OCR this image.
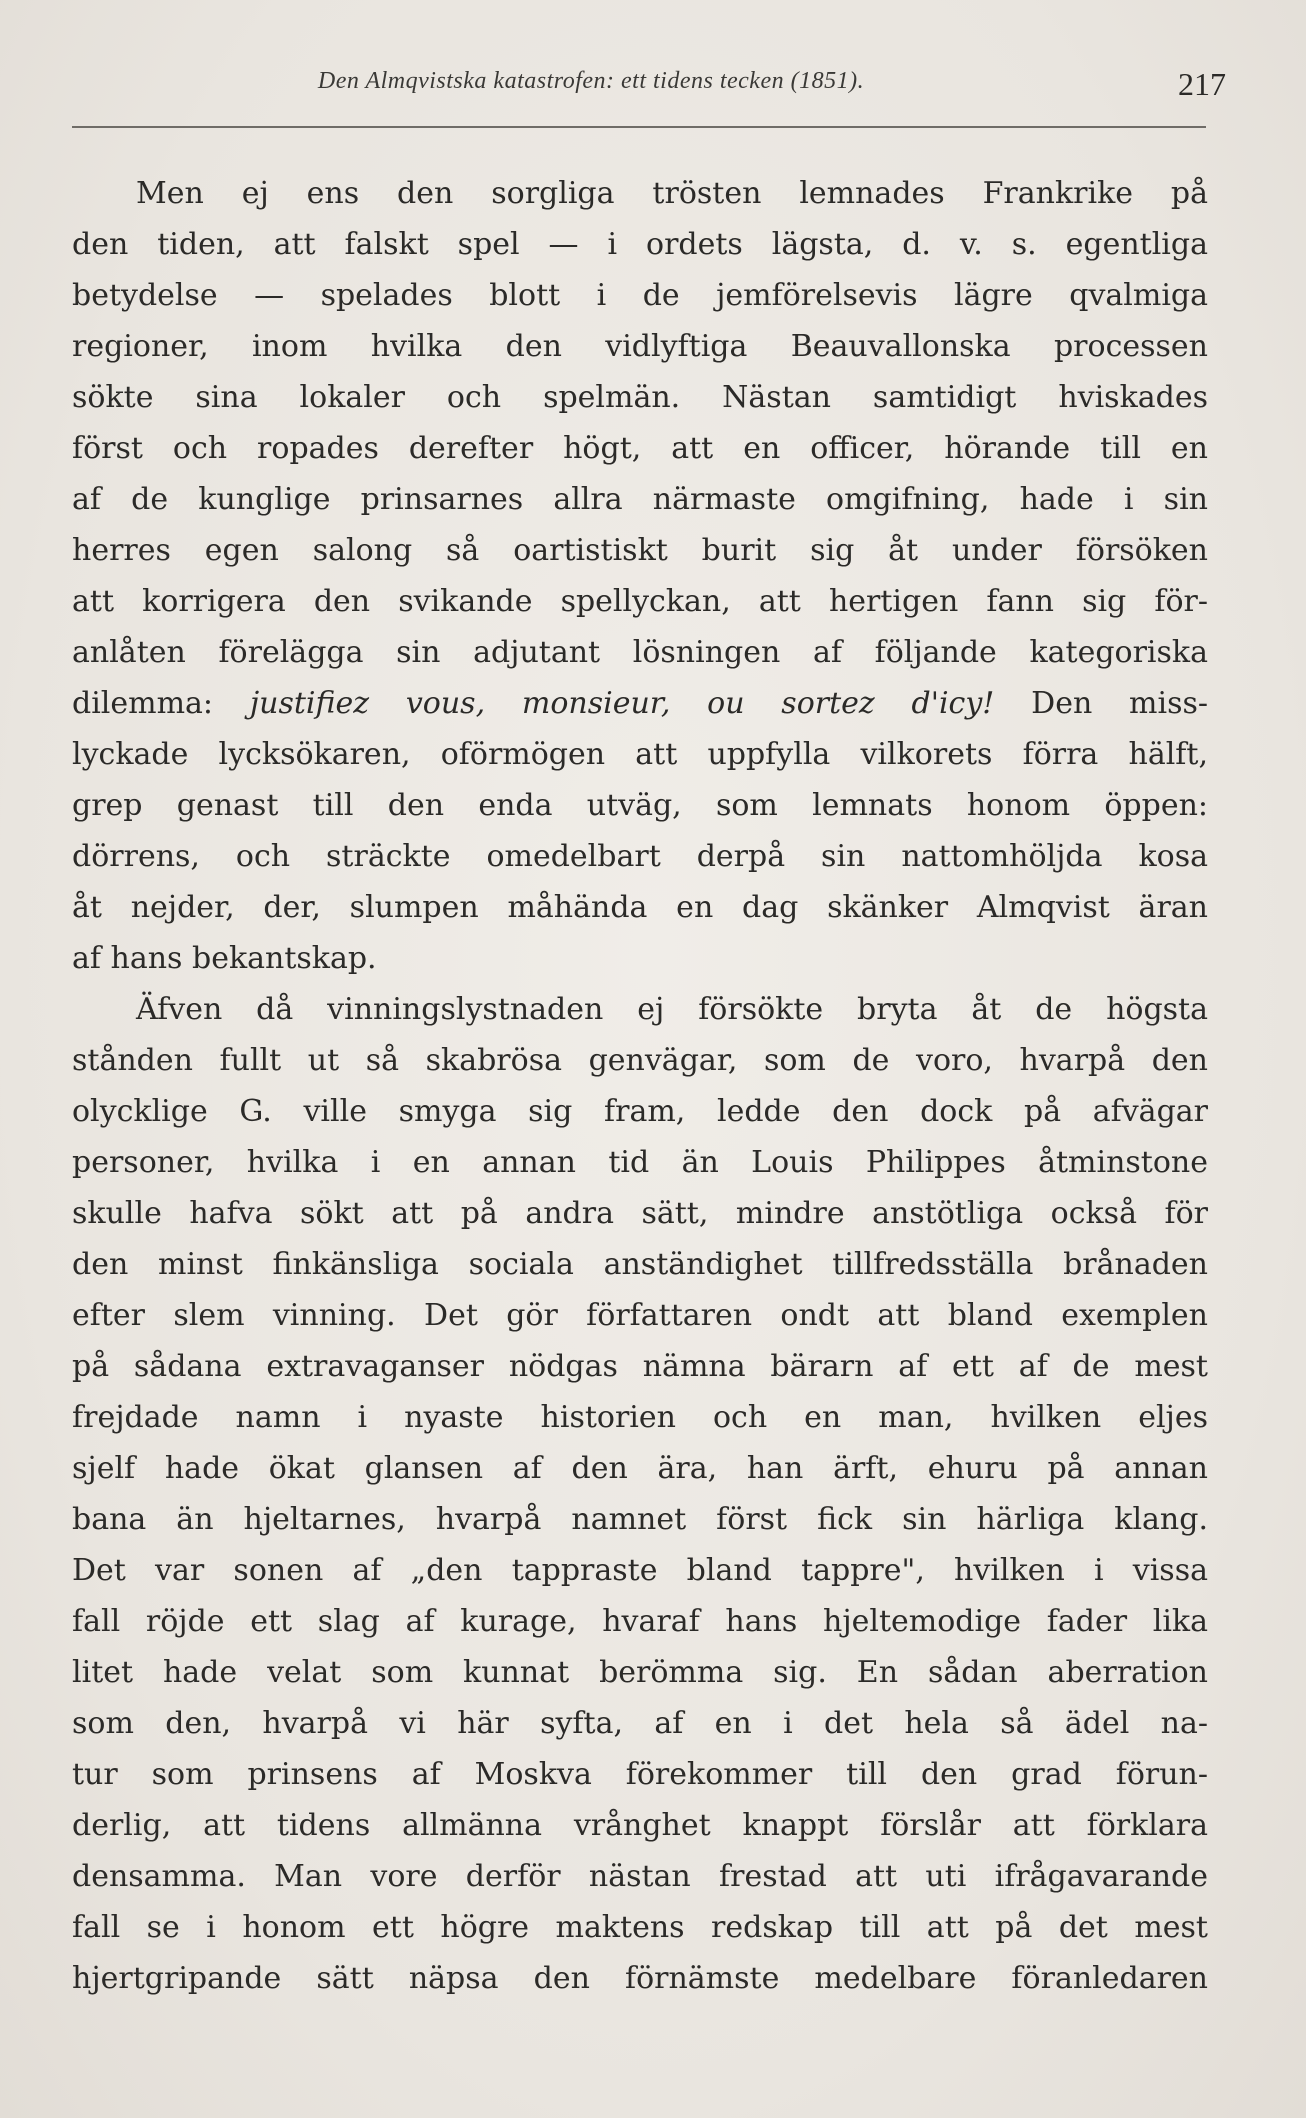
Den Almqvistska katastrofen: ett tidens tecken (1851).	217
Men ej ens den sorgliga trösten lemnades Frankrike på
den tiden, att falskt spel — i ordets lägsta, d. v. s. egentliga
betydelse — spelades blott i de jemförelsevis lägre qvalmiga
regioner, inom hvilka den vidlyftiga Beauvallonska processen
sökte sina lokaler och spelmän. Nästan samtidigt hviskades
först och ropades derefter högt, att en officer, hörande till en
af de kunglige prinsarnes allra närmaste omgifning, hade i sin
herres egen salong så oartistiskt burit sig åt under försöken
att korrigera den svikande spellyckan, att hertigen fann sig för-
anlåten förelägga sin adjutant lösningen af följande kategoriska
dilemma: justifiez vous, monsieur, ou sortez d'icy! Den miss-
lyckade lycksökaren, oförmögen att uppfylla vilkorets förra hälft,
grep genast till den enda utväg, som lemnats honom öppen:
dörrens, och sträckte omedelbart derpå sin nattomhöljda kosa
åt nejder, der, slumpen måhända en dag skänker Almqvist äran
af hans bekantskap.
Äfven då vinningslystnaden ej försökte bryta åt de högsta
stånden fullt ut så skabrösa genvägar, som de voro, hvarpå den
olycklige G. ville smyga sig fram, ledde den dock på afvägar
personer, hvilka i en annan tid än Louis Philippes åtminstone
skulle hafva sökt att på andra sätt, mindre anstötliga också för
den minst finkänsliga sociala anständighet tillfredsställa brånaden
efter slem vinning. Det gör författaren ondt att bland exemplen
på sådana extravaganser nödgas nämna bärarn af ett af de mest
frejdade namn i nyaste historien och en man, hvilken eljes
sjelf hade ökat glansen af den ära, han ärft, ehuru på annan
bana än hjeltarnes, hvarpå namnet först fick sin härliga klang.
Det var sonen af „den tappraste bland tappre", hvilken i vissa
fall röjde ett slag af kurage, hvaraf hans hjeltemodige fader lika
litet hade velat som kunnat berömma sig. En sådan aberration
som den, hvarpå vi här syfta, af en i det hela så ädel na-
tur som prinsens af Moskva förekommer till den grad förun-
derlig, att tidens allmänna vrånghet knappt förslår att förklara
densamma. Man vore derför nästan frestad att uti ifrågavarande
fall se i honom ett högre maktens redskap till att på det mest
hjertgripande sätt näpsa den förnämste medelbare föranledaren
